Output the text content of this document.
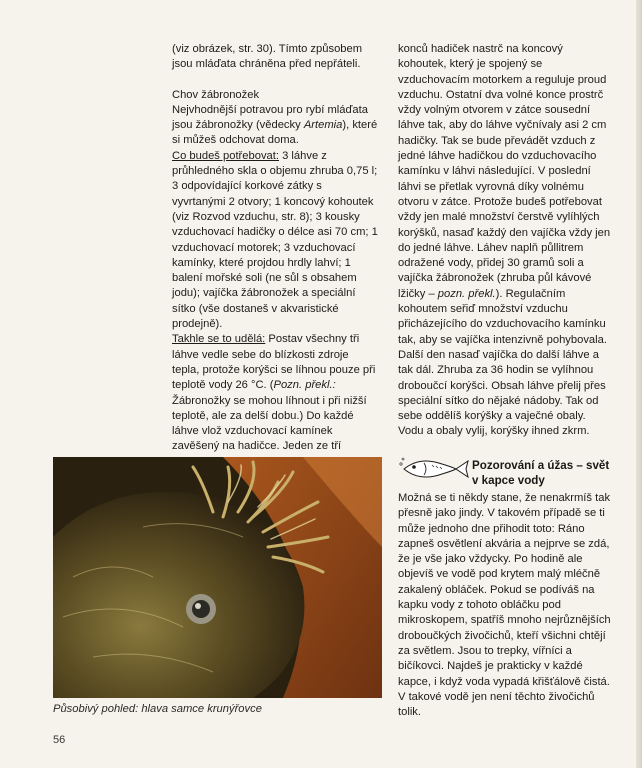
(viz obrázek, str. 30). Tímto způsobem jsou mláďata chráněna před nepřáteli.

Chov žábronožek

Nejvhodnější potravou pro rybí mláďata jsou žábronožky (vědecky Artemia), které si můžeš odchovat doma.

Co budeš potřebovat: 3 láhve z průhledného skla o objemu zhruba 0,75 l; 3 odpovídající korkové zátky s vyvrtanými 2 otvory; 1 koncový kohoutek (viz Rozvod vzduchu, str. 8); 3 kousky vzduchovací hadičky o délce asi 70 cm; 1 vzduchovací motorek; 3 vzduchovací kamínky, které projdou hrdly lahví; 1 balení mořské soli (ne sůl s obsahem jodu); vajíčka žábronožek a speciální sítko (vše dostaneš v akvaristické prodejně).

Takhle se to udělá: Postav všechny tři láhve vedle sebe do blízkosti zdroje tepla, protože korýšci se líhnou pouze při teplotě vody 26 °C. (Pozn. překl.: Žábronožky se mohou líhnout i při nižší teplotě, ale za delší dobu.) Do každé láhve vlož vzduchovací kamínek zavěšený na hadičce. Jeden ze tří

konců hadiček nastrč na koncový kohoutek, který je spojený se vzduchovacím motorkem a reguluje proud vzduchu. Ostatní dva volné konce prostrč vždy volným otvorem v zátce sousední láhve tak, aby do láhve vyčnívaly asi 2 cm hadičky. Tak se bude převádět vzduch z jedné láhve hadičkou do vzduchovacího kamínku v láhvi následující. V poslední láhvi se přetlak vyrovná díky volnému otvoru v zátce. Protože budeš potřebovat vždy jen malé množství čerstvě vylíhlých korýšků, nasaď každý den vajíčka vždy jen do jedné láhve. Láhev naplň půllitrem odražené vody, přidej 30 gramů soli a vajíčka žábronožek (zhruba půl kávové lžičky – pozn. překl.). Regulačním kohoutem seřiď množství vzduchu přicházejícího do vzduchovacího kamínku tak, aby se vajíčka intenzivně pohybovala. Další den nasaď vajíčka do další láhve a tak dál. Zhruba za 36 hodin se vylíhnou droboučcí korýšci. Obsah láhve přelij přes speciální sítko do nějaké nádoby. Tak od sebe oddělíš korýšky a vaječné obaly. Vodu a obaly vylij, korýšky ihned zkrm.

Působivý pohled: hlava samce krunýřovce
Pozorování a úžas – svět v kapce vody

Možná se ti někdy stane, že nenakrmíš tak přesně jako jindy. V takovém případě se ti může jednoho dne přihodit toto: Ráno zapneš osvětlení akvária a nejprve se zdá, že je vše jako vždycky. Po hodině ale objevíš ve vodě pod krytem malý mléčně zakalený obláček. Pokud se podíváš na kapku vody z tohoto obláčku pod mikroskopem, spatříš mnoho nejrůznějších droboučkých živočichů, kteří všichni chtějí za světlem. Jsou to trepky, vířníci a bičíkovci. Najdeš je prakticky v každé kapce, i když voda vypadá křišťálově čistá. V takové vodě jen není těchto živočichů tolik.

56
